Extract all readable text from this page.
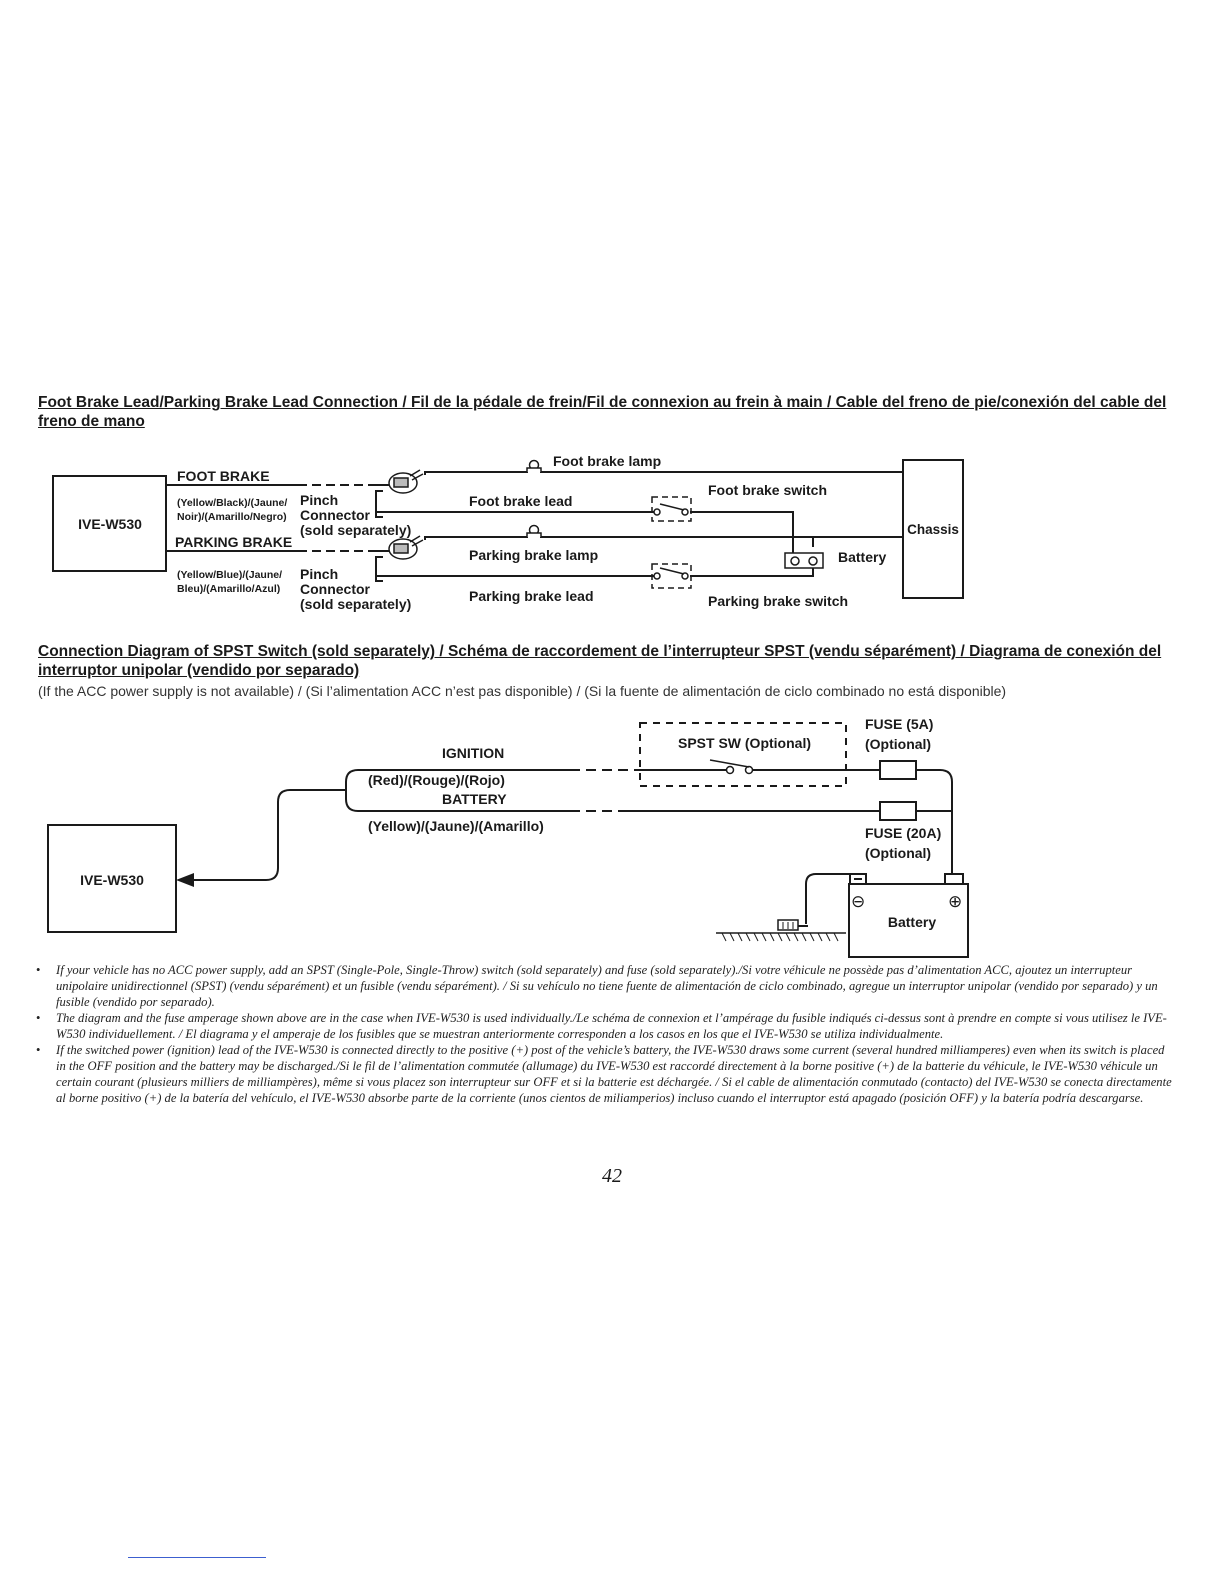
Foot Brake Lead/Parking Brake Lead Connection / Fil de la pédale de frein/Fil de connexion au frein à main / Cable del freno de pie/conexión del cable del freno de mano
IVE-W530
FOOT BRAKE
PARKING BRAKE
Pinch
Connector
(sold separately)
Pinch
Connector
(sold separately)
Foot brake lamp
Foot brake lead
Foot brake switch
Parking brake lamp
Parking brake lead	Parking brake switch
Battery
Chassis
(Yellow/Black)/(Jaune/
Noir)/(Amarillo/Negro)
(Yellow/Blue)/(Jaune/
Bleu)/(Amarillo/Azul)
Connection Diagram of SPST Switch (sold separately) / Schéma de raccordement de l’interrupteur SPST (vendu séparément) / Diagrama de conexión del interruptor unipolar (vendido por separado)
(If the ACC power supply is not available) / (Si l’alimentation ACC n’est pas disponible) / (Si la fuente de alimentación de ciclo combinado no está disponible)
IVE-W530
IGNITION
(Red)/(Rouge)/(Rojo)
BATTERY
(Yellow)/(Jaune)/(Amarillo)
SPST SW (Optional)
FUSE (5A)
(Optional)
FUSE (20A)
(Optional)
Battery
⊖	⊕
• If your vehicle has no ACC power supply, add an SPST (Single-Pole, Single-Throw) switch (sold separately) and fuse (sold separately)./Si votre véhicule ne possède pas d’alimentation ACC, ajoutez un interrupteur unipolaire unidirectionnel (SPST) (vendu séparément) et un fusible (vendu séparément). / Si su vehículo no tiene fuente de alimentación de ciclo combinado, agregue un interruptor unipolar (vendido por separado) y un fusible (vendido por separado).
• The diagram and the fuse amperage shown above are in the case when IVE-W530 is used individually./Le schéma de connexion et l’ampérage du fusible indiqués ci-dessus sont à prendre en compte si vous utilisez le IVE-W530 individuellement. / El diagrama y el amperaje de los fusibles que se muestran anteriormente corresponden a los casos en los que el IVE-W530 se utiliza individualmente.
• If the switched power (ignition) lead of the IVE-W530 is connected directly to the positive (+) post of the vehicle’s battery, the IVE-W530 draws some current (several hundred milliamperes) even when its switch is placed in the OFF position and the battery may be discharged./Si le fil de l’alimentation commutée (allumage) du IVE-W530 est raccordé directement à la borne positive (+) de la batterie du véhicule, le IVE-W530 véhicule un certain courant (plusieurs milliers de milliampères), même si vous placez son interrupteur sur OFF et si la batterie est déchargée. / Si el cable de alimentación conmutado (contacto) del IVE-W530 se conecta directamente al borne positivo (+) de la batería del vehículo, el IVE-W530 absorbe parte de la corriente (unos cientos de miliamperios) incluso cuando el interruptor está apagado (posición OFF) y la batería podría descargarse.
42
